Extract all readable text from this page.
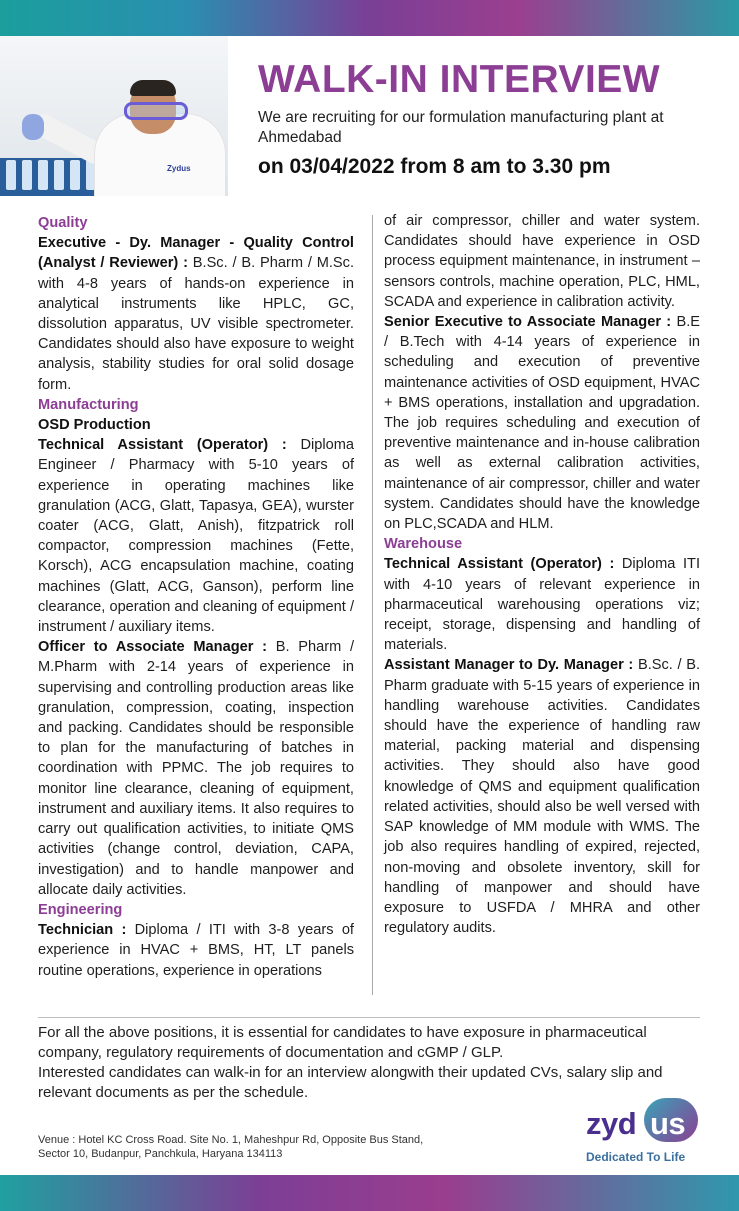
Zydus
WALK-IN INTERVIEW
We are recruiting for our formulation manufacturing plant at Ahmedabad
on 03/04/2022 from 8 am to 3.30 pm
Quality

Executive - Dy. Manager - Quality Control (Analyst / Reviewer) : B.Sc. / B. Pharm / M.Sc. with 4-8 years of hands-on experience in analytical instruments like HPLC, GC, dissolution apparatus, UV visible spectrometer. Candidates should also have exposure to weight analysis, stability studies for oral solid dosage form.

Manufacturing
OSD Production

Technical Assistant (Operator) : Diploma Engineer / Pharmacy with 5-10 years of experience in operating machines like granulation (ACG, Glatt, Tapasya, GEA), wurster coater (ACG, Glatt, Anish), fitzpatrick roll compactor, compression machines (Fette, Korsch), ACG encapsulation machine, coating machines (Glatt, ACG, Ganson), perform line clearance, operation and cleaning of equipment / instrument / auxiliary items.

Officer to Associate Manager : B. Pharm / M.Pharm with 2-14 years of experience in supervising and controlling production areas like granulation, compression, coating, inspection and packing. Candidates should be responsible to plan for the manufacturing of batches in coordination with PPMC. The job requires to monitor line clearance, cleaning of equipment, instrument and auxiliary items. It also requires to carry out qualification activities, to initiate QMS activities (change control, deviation, CAPA, investigation) and to handle manpower and allocate daily activities.

Engineering

Technician : Diploma / ITI with 3-8 years of experience in HVAC + BMS, HT, LT panels routine operations, experience in operations

of air compressor, chiller and water system. Candidates should have experience in OSD process equipment maintenance, in instrument – sensors controls, machine operation, PLC, HML, SCADA and experience in calibration activity.

Senior Executive to Associate Manager : B.E / B.Tech with 4-14 years of experience in scheduling and execution of preventive maintenance activities of OSD equipment, HVAC + BMS operations, installation and upgradation. The job requires scheduling and execution of preventive maintenance and in-house calibration as well as external calibration activities, maintenance of air compressor, chiller and water system. Candidates should have the knowledge on PLC,SCADA and HLM.

Warehouse

Technical Assistant (Operator) : Diploma ITI with 4-10 years of relevant experience in pharmaceutical warehousing operations viz; receipt, storage, dispensing and handling of materials.

Assistant Manager to Dy. Manager : B.Sc. / B. Pharm graduate with 5-15 years of experience in handling warehouse activities. Candidates should have the experience of handling raw material, packing material and dispensing activities. They should also have good knowledge of QMS and equipment qualification related activities, should also be well versed with SAP knowledge of MM module with WMS. The job also requires handling of expired, rejected, non-moving and obsolete inventory, skill for handling of manpower and should have exposure to USFDA / MHRA and other regulatory audits.

For all the above positions, it is essential for candidates to have exposure in pharmaceutical company, regulatory requirements of documentation and cGMP / GLP.

Interested candidates can walk-in for an interview alongwith their updated CVs, salary slip and relevant documents as per the schedule.

Venue : Hotel KC Cross Road. Site No. 1, Maheshpur Rd, Opposite Bus Stand,
Sector 10, Budanpur, Panchkula, Haryana 134113
zyd us
Dedicated To Life
